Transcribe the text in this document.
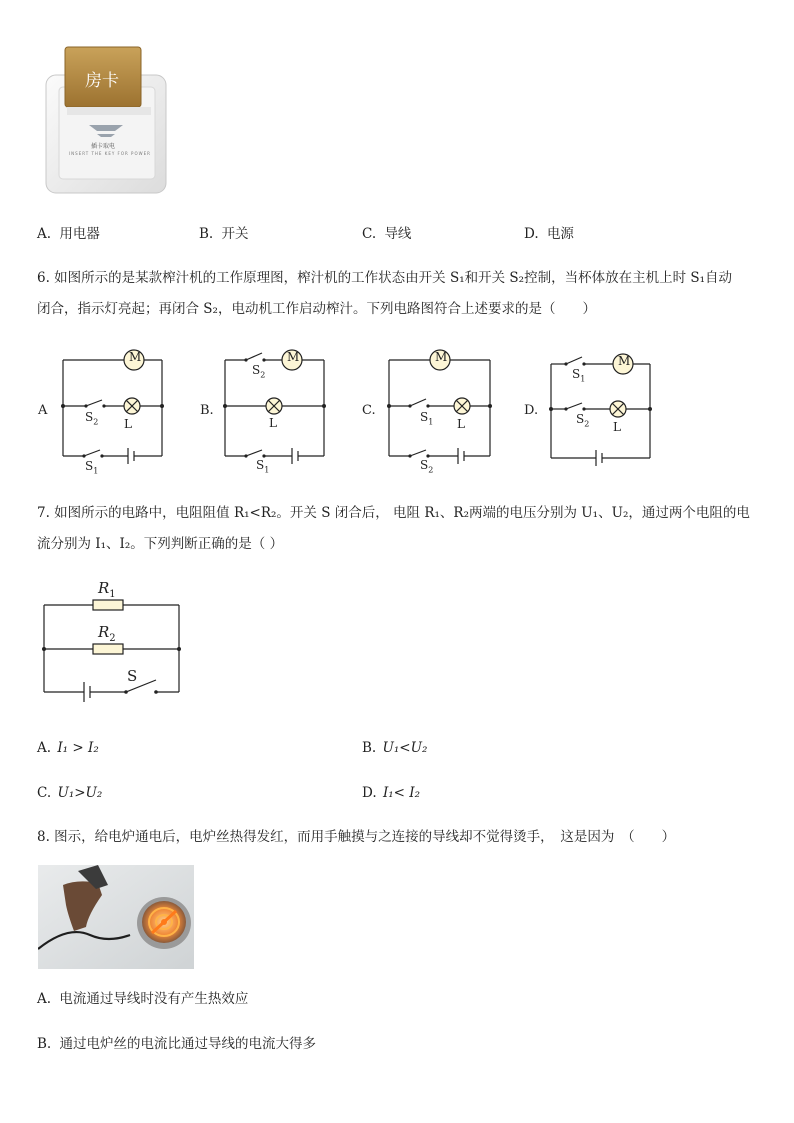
房卡
插卡取电
INSERT THE KEY FOR POWER
A. 用电器	B. 开关	C. 导线	D. 电源
6. 如图所示的是某款榨汁机的工作原理图，榨汁机的工作状态由开关 S₁和开关 S₂控制，当杯体放在主机上时 S₁自动
闭合，指示灯亮起；再闭合 S₂，电动机工作启动榨汁。下列电路图符合上述要求的是（　　）
A
M
L
$S_2$
$S_1$
B.
M
L
$S_2$
$S_1$
C.
M
L
$S_1$
$S_2$
D.
M
L
$S_1$
$S_2$
7. 如图所示的电路中，电阻阻值 R₁<R₂。开关 S 闭合后， 电阻 R₁、R₂两端的电压分别为 U₁、U₂，通过两个电阻的电
流分别为 I₁、I₂。下列判断正确的是（ ）
$R_1$
$R_2$
S
A. I₁ > I₂	B. U₁<U₂
C. U₁>U₂	D. I₁< I₂
8. 图示，给电炉通电后，电炉丝热得发红，而用手触摸与之连接的导线却不觉得烫手，　这是因为　（　　）
A. 电流通过导线时没有产生热效应
B. 通过电炉丝的电流比通过导线的电流大得多
